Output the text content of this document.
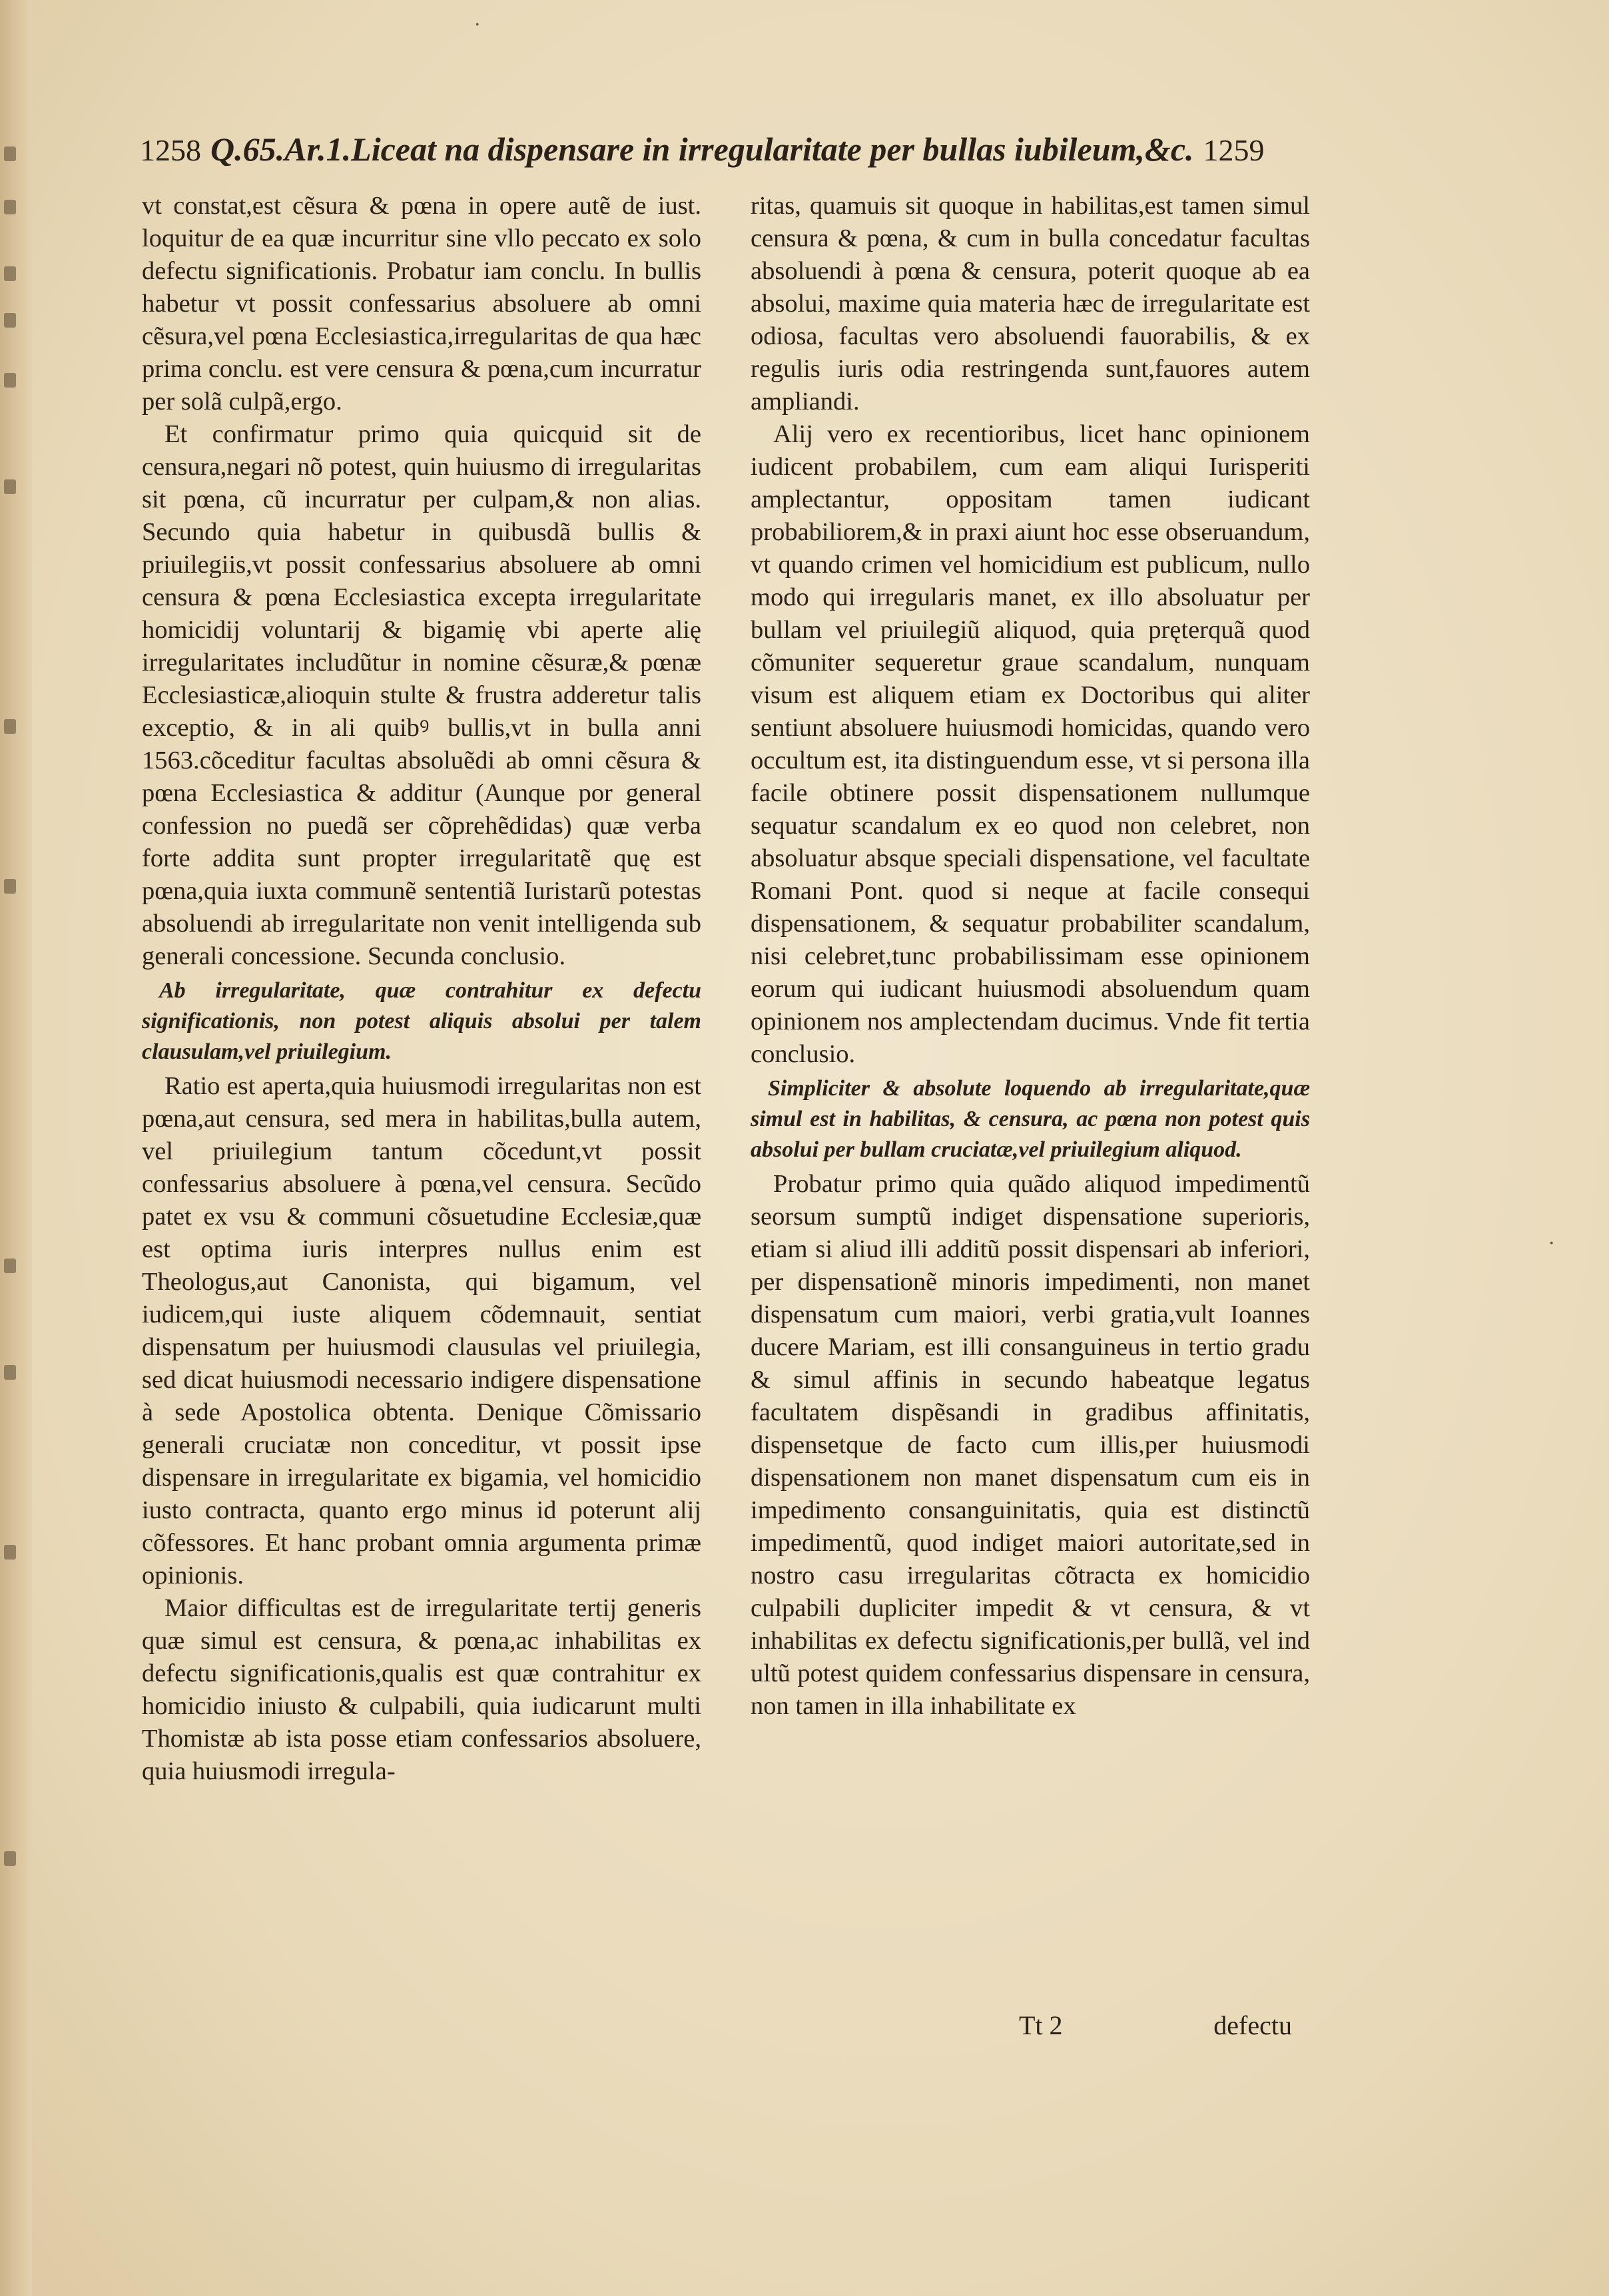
1258 Q.65.Ar.1.Liceat na dispensare in irregularitate per bullas iubileum,&c. 1259

vt constat,est cẽsura & pœna in opere autẽ de iust. loquitur de ea quæ incurritur sine vllo peccato ex solo defectu significationis. Probatur iam conclu. In bullis habetur vt possit confessarius absoluere ab omni cẽsura,vel pœna Ecclesiastica,irregularitas de qua hæc prima conclu. est vere censura & pœna,cum incurratur per solã culpã,ergo.

Et confirmatur primo quia quicquid sit de censura,negari nõ potest, quin huiusmo di irregularitas sit pœna, cũ incurratur per culpam,& non alias. Secundo quia habetur in quibusdã bullis & priuilegiis,vt possit confessarius absoluere ab omni censura & pœna Ecclesiastica excepta irregularitate homicidij voluntarij & bigamię vbi aperte alię irregularitates includũtur in nomine cẽsuræ,& pœnæ Ecclesiasticæ,alioquin stulte & frustra adderetur talis exceptio, & in ali quibꝰ bullis,vt in bulla anni 1563.cõceditur facultas absoluẽdi ab omni cẽsura & pœna Ecclesiastica & additur (Aunque por general confession no puedã ser cõprehẽdidas) quæ verba forte addita sunt propter irregularitatẽ quę est pœna,quia iuxta communẽ sententiã Iuristarũ potestas absoluendi ab irregularitate non venit intelligenda sub generali concessione. Secunda conclusio.

Ab irregularitate, quæ contrahitur ex defectu significationis, non potest aliquis absolui per talem clausulam,vel priuilegium.

Ratio est aperta,quia huiusmodi irregularitas non est pœna,aut censura, sed mera in habilitas,bulla autem, vel priuilegium tantum cõcedunt,vt possit confessarius absoluere à pœna,vel censura. Secũdo patet ex vsu & communi cõsuetudine Ecclesiæ,quæ est optima iuris interpres nullus enim est Theologus,aut Canonista, qui bigamum, vel iudicem,qui iuste aliquem cõdemnauit, sentiat dispensatum per huiusmodi clausulas vel priuilegia, sed dicat huiusmodi necessario indigere dispensatione à sede Apostolica obtenta. Denique Cõmissario generali cruciatæ non conceditur, vt possit ipse dispensare in irregularitate ex bigamia, vel homicidio iusto contracta, quanto ergo minus id poterunt alij cõfessores. Et hanc probant omnia argumenta primæ opinionis.

Maior difficultas est de irregularitate tertij generis quæ simul est censura, & pœna,ac inhabilitas ex defectu significationis,qualis est quæ contrahitur ex homicidio iniusto & culpabili, quia iudicarunt multi Thomistæ ab ista posse etiam confessarios absoluere, quia huiusmodi irregula-

ritas, quamuis sit quoque in habilitas,est tamen simul censura & pœna, & cum in bulla concedatur facultas absoluendi à pœna & censura, poterit quoque ab ea absolui, maxime quia materia hæc de irregularitate est odiosa, facultas vero absoluendi fauorabilis, & ex regulis iuris odia restringenda sunt,fauores autem ampliandi.

Alij vero ex recentioribus, licet hanc opinionem iudicent probabilem, cum eam aliqui Iurisperiti amplectantur, oppositam tamen iudicant probabiliorem,& in praxi aiunt hoc esse obseruandum, vt quando crimen vel homicidium est publicum, nullo modo qui irregularis manet, ex illo absoluatur per bullam vel priuilegiũ aliquod, quia pręterquã quod cõmuniter sequeretur graue scandalum, nunquam visum est aliquem etiam ex Doctoribus qui aliter sentiunt absoluere huiusmodi homicidas, quando vero occultum est, ita distinguendum esse, vt si persona illa facile obtinere possit dispensationem nullumque sequatur scandalum ex eo quod non celebret, non absoluatur absque speciali dispensatione, vel facultate Romani Pont. quod si neque at facile consequi dispensationem, & sequatur probabiliter scandalum, nisi celebret,tunc probabilissimam esse opinionem eorum qui iudicant huiusmodi absoluendum quam opinionem nos amplectendam ducimus. Vnde fit tertia conclusio.

Simpliciter & absolute loquendo ab irregularitate,quæ simul est in habilitas, & censura, ac pœna non potest quis absolui per bullam cruciatæ,vel priuilegium aliquod.

Probatur primo quia quãdo aliquod impedimentũ seorsum sumptũ indiget dispensatione superioris, etiam si aliud illi additũ possit dispensari ab inferiori, per dispensationẽ minoris impedimenti, non manet dispensatum cum maiori, verbi gratia,vult Ioannes ducere Mariam, est illi consanguineus in tertio gradu & simul affinis in secundo habeatque legatus facultatem dispẽsandi in gradibus affinitatis, dispensetque de facto cum illis,per huiusmodi dispensationem non manet dispensatum cum eis in impedimento consanguinitatis, quia est distinctũ impedimentũ, quod indiget maiori autoritate,sed in nostro casu irregularitas cõtracta ex homicidio culpabili dupliciter impedit & vt censura, & vt inhabilitas ex defectu significationis,per bullã, vel ind ultũ potest quidem confessarius dispensare in censura, non tamen in illa inhabilitate ex

Tt 2	defectu
·
·
